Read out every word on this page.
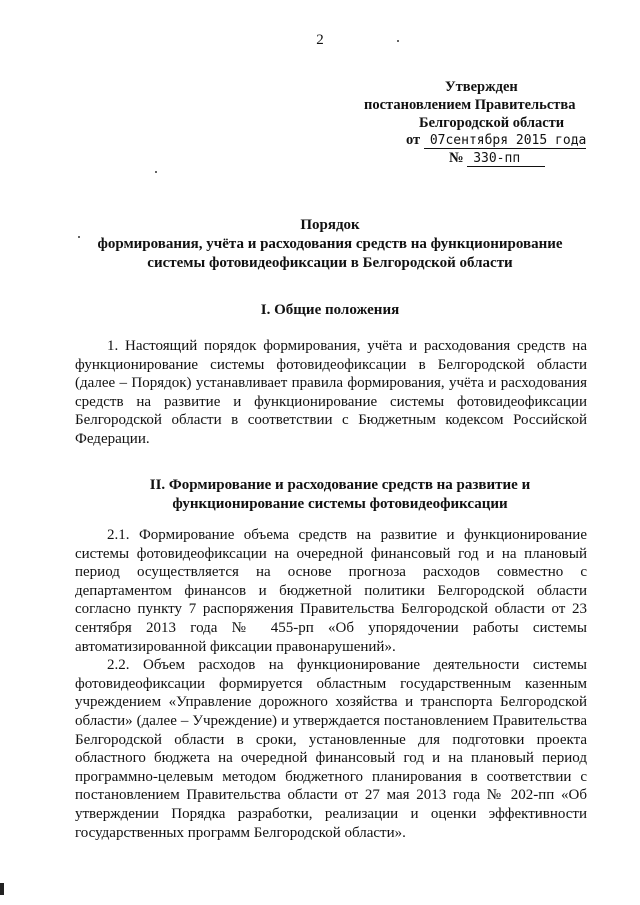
2
Утвержден
постановлением Правительства
Белгородской области
от 07сентября 2015 года
№ 330-пп
Порядок
формирования, учёта и расходования средств на функционирование
системы фотовидеофиксации в Белгородской области
I. Общие положения

1. Настоящий порядок формирования, учёта и расходования средств на функционирование системы фотовидеофиксации в Белгородской области (далее – Порядок) устанавливает правила формирования, учёта и расходования средств на развитие и функционирование системы фотовидеофиксации Белгородской области в соответствии с Бюджетным кодексом Российской Федерации.

II. Формирование и расходование средств на развитие и
функционирование системы фотовидеофиксации

2.1. Формирование объема средств на развитие и функционирование системы фотовидеофиксации на очередной финансовый год и на плановый период осуществляется на основе прогноза расходов совместно с департаментом финансов и бюджетной политики Белгородской области согласно пункту 7 распоряжения Правительства Белгородской области от 23 сентября 2013 года № 455-рп «Об упорядочении работы системы автоматизированной фиксации правонарушений».

2.2. Объем расходов на функционирование деятельности системы фотовидеофиксации формируется областным государственным казенным учреждением «Управление дорожного хозяйства и транспорта Белгородской области» (далее – Учреждение) и утверждается постановлением Правительства Белгородской области в сроки, установленные для подготовки проекта областного бюджета на очередной финансовый год и на плановый период программно-целевым методом бюджетного планирования в соответствии с постановлением Правительства области от 27 мая 2013 года № 202-пп «Об утверждении Порядка разработки, реализации и оценки эффективности государственных программ Белгородской области».
